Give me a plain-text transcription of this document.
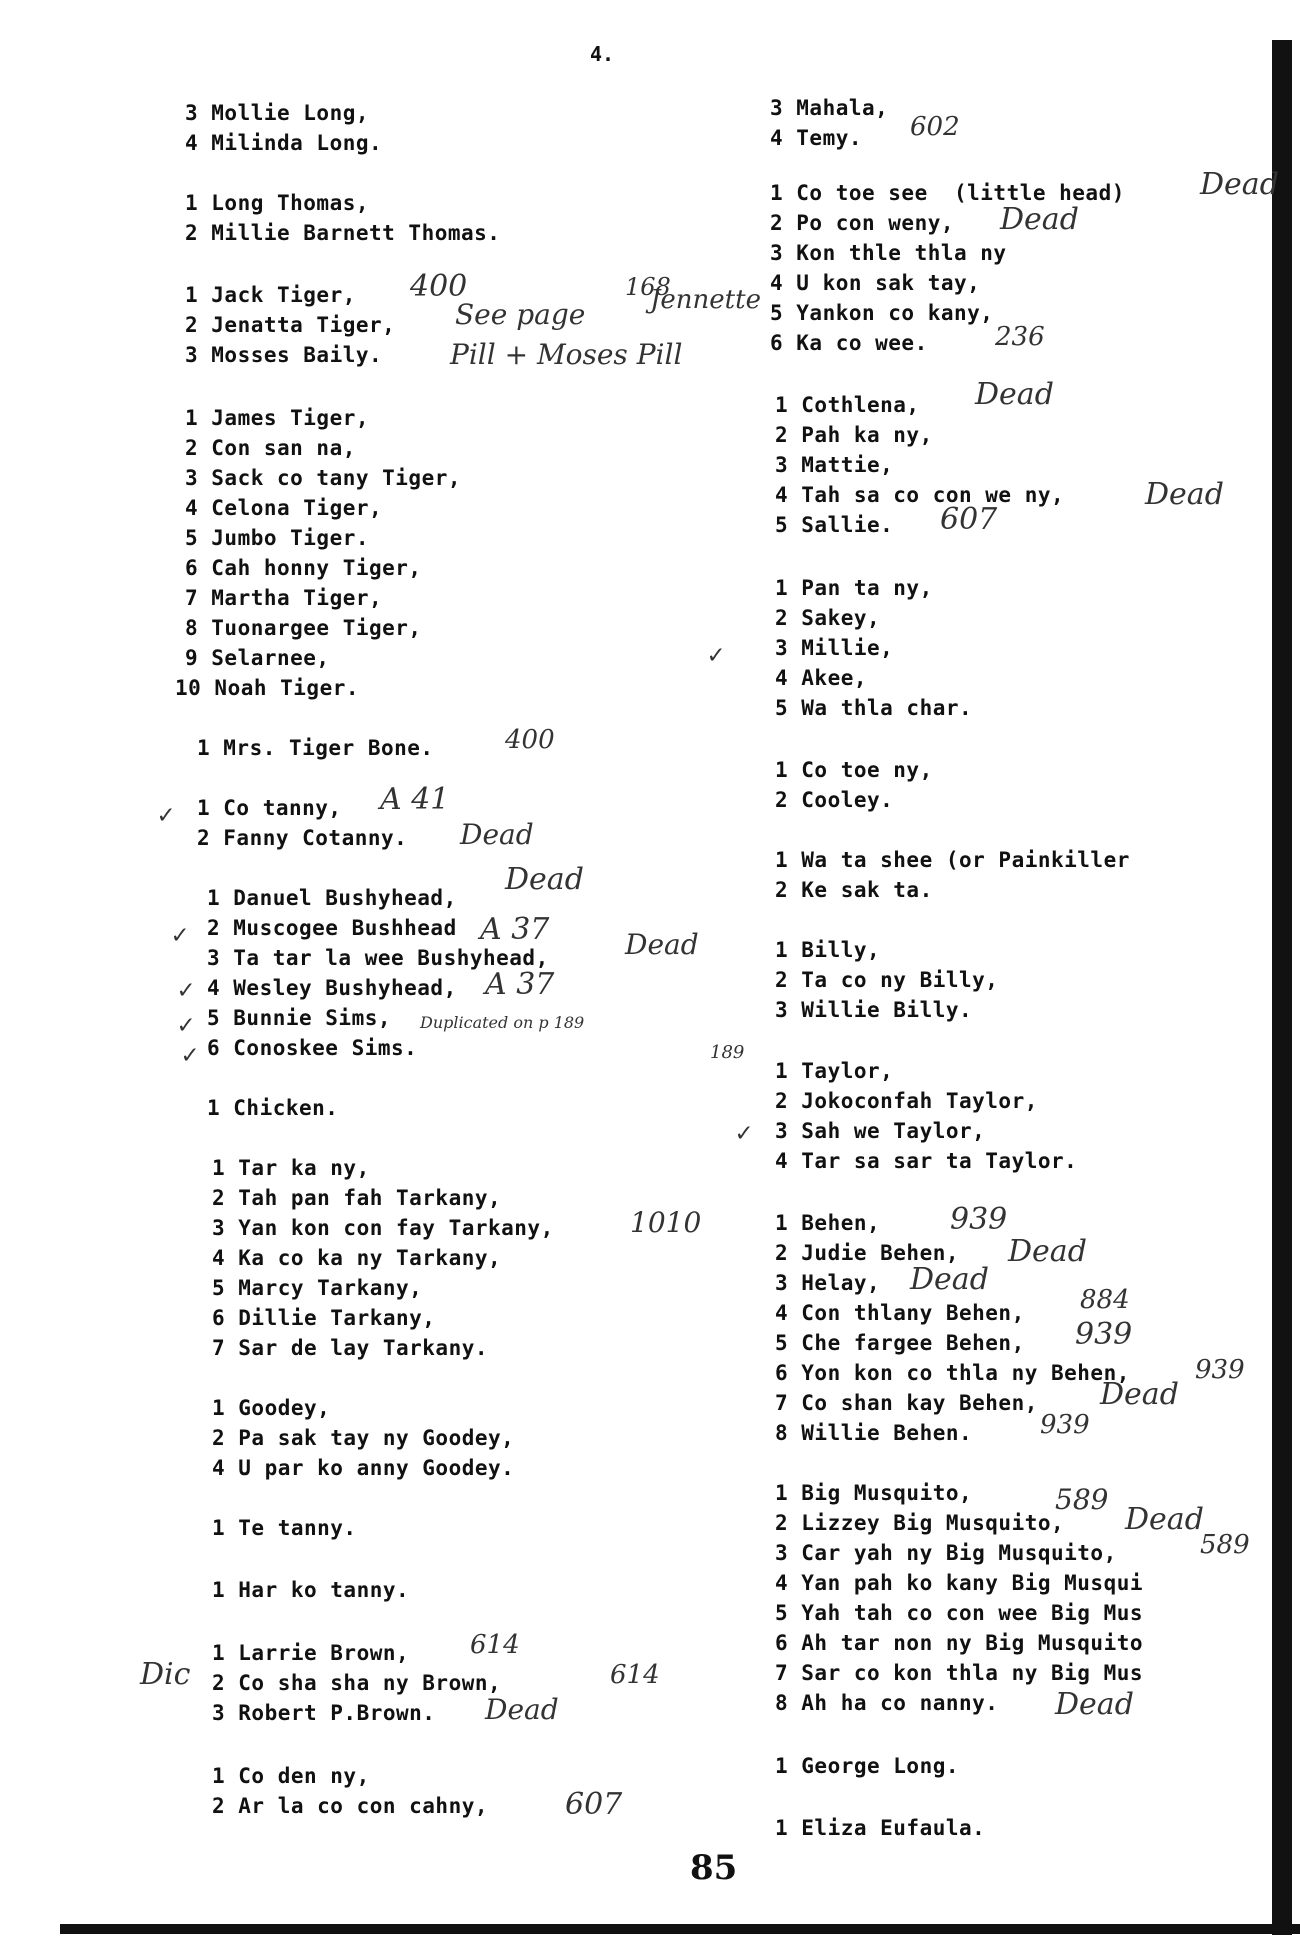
4.
3 Mollie Long,
4 Milinda Long.
1 Long Thomas,
2 Millie Barnett Thomas.
1 Jack Tiger,
2 Jenatta Tiger,
3 Mosses Baily.
1 James Tiger,
2 Con san na,
3 Sack co tany Tiger,
4 Celona Tiger,
5 Jumbo Tiger.
6 Cah honny Tiger,
7 Martha Tiger,
8 Tuonargee Tiger,
9 Selarnee,
10 Noah Tiger.
1 Mrs. Tiger Bone.
1 Co tanny,
2 Fanny Cotanny.
1 Danuel Bushyhead,
2 Muscogee Bushhead
3 Ta tar la wee Bushyhead,
4 Wesley Bushyhead,
5 Bunnie Sims,
6 Conoskee Sims.
1 Chicken.
1 Tar ka ny,
2 Tah pan fah Tarkany,
3 Yan kon con fay Tarkany,
4 Ka co ka ny Tarkany,
5 Marcy Tarkany,
6 Dillie Tarkany,
7 Sar de lay Tarkany.
1 Goodey,
2 Pa sak tay ny Goodey,
4 U par ko anny Goodey.
1 Te tanny.
1 Har ko tanny.
1 Larrie Brown,
2 Co sha sha ny Brown,
3 Robert P.Brown.
1 Co den ny,
2 Ar la co con cahny,
3 Mahala,
4 Temy.
1 Co toe see  (little head)
2 Po con weny,
3 Kon thle thla ny
4 U kon sak tay,
5 Yankon co kany,
6 Ka co wee.
1 Cothlena,
2 Pah ka ny,
3 Mattie,
4 Tah sa co con we ny,
5 Sallie.
1 Pan ta ny,
2 Sakey,
3 Millie,
4 Akee,
5 Wa thla char.
1 Co toe ny,
2 Cooley.
1 Wa ta shee (or Painkiller
2 Ke sak ta.
1 Billy,
2 Ta co ny Billy,
3 Willie Billy.
1 Taylor,
2 Jokoconfah Taylor,
3 Sah we Taylor,
4 Tar sa sar ta Taylor.
1 Behen,
2 Judie Behen,
3 Helay,
4 Con thlany Behen,
5 Che fargee Behen,
6 Yon kon co thla ny Behen,
7 Co shan kay Behen,
8 Willie Behen.
1 Big Musquito,
2 Lizzey Big Musquito,
3 Car yah ny Big Musquito,
4 Yan pah ko kany Big Musqui
5 Yah tah co con wee Big Mus
6 Ah tar non ny Big Musquito
7 Sar co kon thla ny Big Mus
8 Ah ha co nanny.
1 George Long.
1 Eliza Eufaula.
602
Dead
Dead
236
Dead
Dead
607
400	168
See page Jennette
Pill + Moses Pill
400
A 41
Dead
Dead
A 37	Dead
A 37
Duplicated on p 189
189
1010	939
Dead
Dead
884
939
939
Dead
939
589
Dead
589
Dead
614
614
Dead
Dic
607
✓
✓
✓
✓
✓
✓
✓
85
